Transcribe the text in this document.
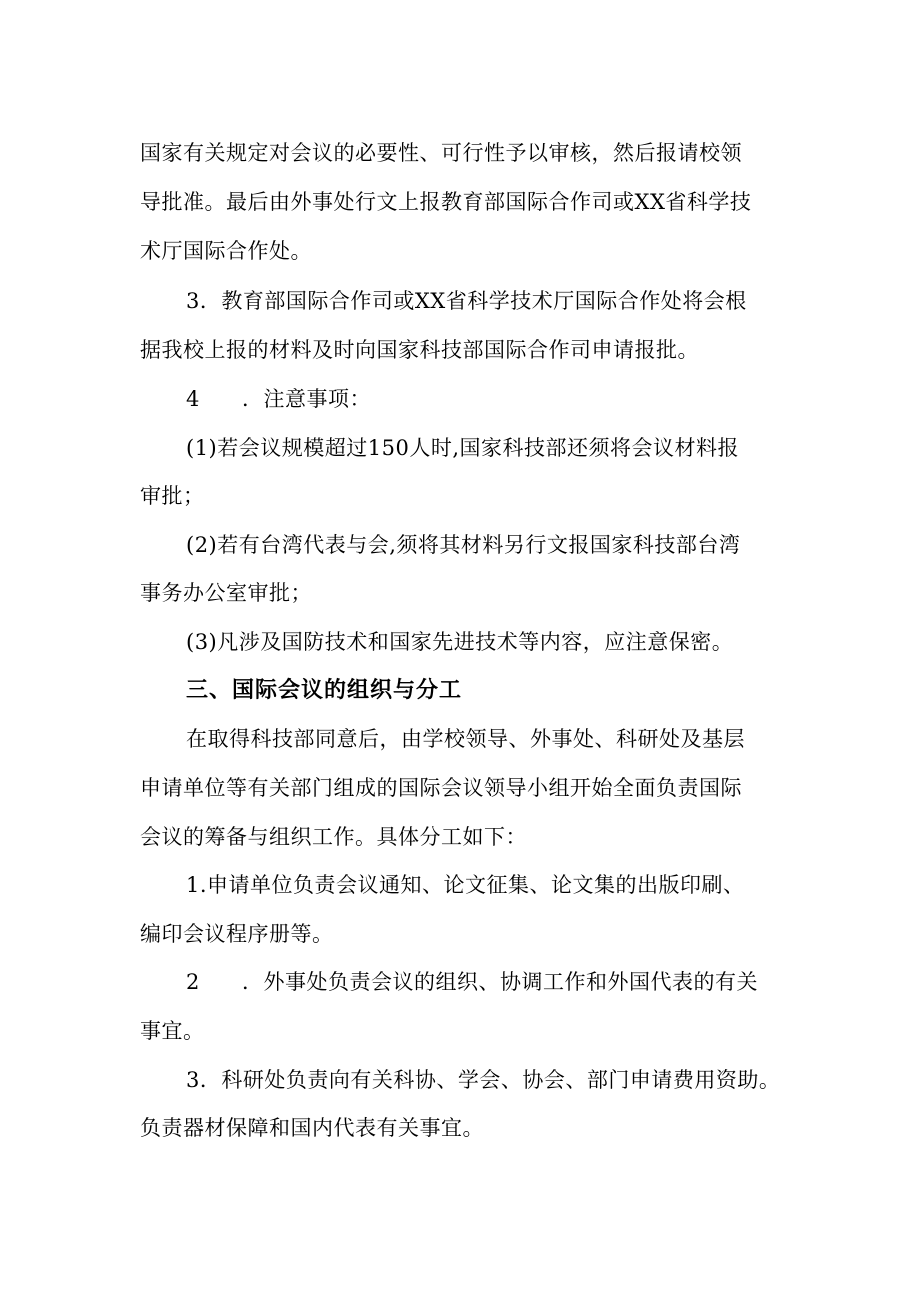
国家有关规定对会议的必要性、可行性予以审核，然后报请校领
导批准。最后由外事处行文上报教育部国际合作司或XX省科学技
术厅国际合作处。
3．教育部国际合作司或XX省科学技术厅国际合作处将会根
据我校上报的材料及时向国家科技部国际合作司申请报批。
4 ．注意事项：
(1)若会议规模超过150人时,国家科技部还须将会议材料报
审批；
(2)若有台湾代表与会,须将其材料另行文报国家科技部台湾
事务办公室审批；
(3)凡涉及国防技术和国家先进技术等内容，应注意保密。
三、国际会议的组织与分工
在取得科技部同意后，由学校领导、外事处、科研处及基层
申请单位等有关部门组成的国际会议领导小组开始全面负责国际
会议的筹备与组织工作。具体分工如下：
1.申请单位负责会议通知、论文征集、论文集的出版印刷、
编印会议程序册等。
2 ．外事处负责会议的组织、协调工作和外国代表的有关
事宜。
3．科研处负责向有关科协、学会、协会、部门申请费用资助。
负责器材保障和国内代表有关事宜。
